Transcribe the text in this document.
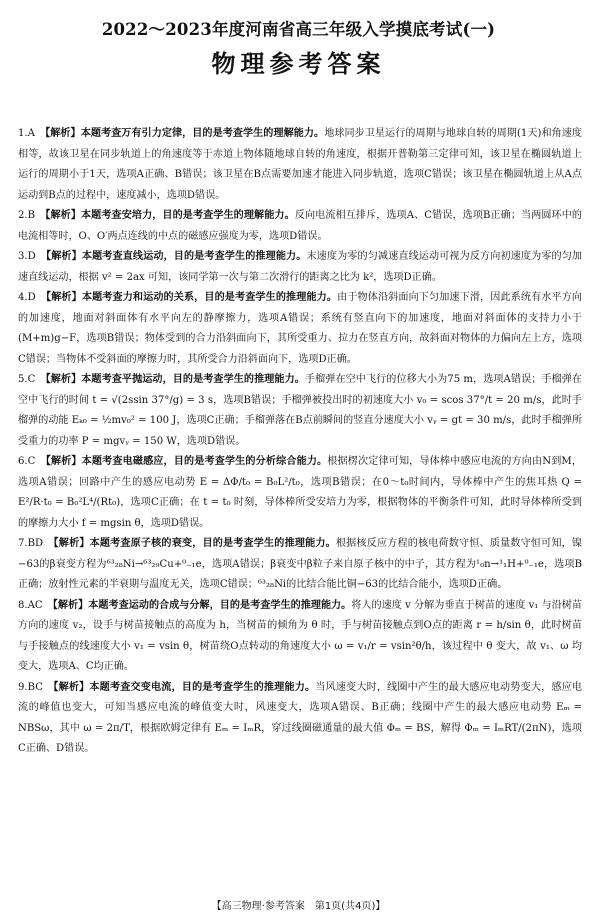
2022～2023年度河南省高三年级入学摸底考试(一)
物理参考答案

1.A　 【解析】本题考查万有引力定律，目的是考查学生的理解能力。地球同步卫星运行的周期与地球自转的周期(1天)和角速度相等，故该卫星在同步轨道上的角速度等于赤道上物体随地球自转的角速度，根据开普勒第三定律可知，该卫星在椭圆轨道上运行的周期小于1天，选项A正确、B错误；该卫星在B点需要加速才能进入同步轨道，选项C错误；该卫星在椭圆轨道上从A点运动到B点的过程中，速度减小，选项D错误。

2.B　 【解析】本题考查安培力，目的是考查学生的理解能力。反向电流相互排斥，选项A、C错误，选项B正确；当两圆环中的电流相等时，O、O′两点连线的中点的磁感应强度为零，选项D错误。

3.D　 【解析】本题考查直线运动，目的是考查学生的推理能力。末速度为零的匀减速直线运动可视为反方向初速度为零的匀加速直线运动，根据 v² = 2ax 可知，该同学第一次与第二次滑行的距离之比为 k²，选项D正确。

4.D　 【解析】本题考查力和运动的关系，目的是考查学生的推理能力。由于物体沿斜面向下匀加速下滑，因此系统有水平方向的加速度，地面对斜面体有水平向左的静摩擦力，选项A错误；系统有竖直向下的加速度，地面对斜面体的支持力小于(M+m)g−F，选项B错误；物体受到的合力沿斜面向下，其所受重力、拉力在竖直方向，故斜面对物体的力偏向左上方，选项C错误；当物体不受斜面的摩擦力时，其所受合力沿斜面向下，选项D正确。

5.C　 【解析】本题考查平抛运动，目的是考查学生的推理能力。手榴弹在空中飞行的位移大小为75 m，选项A错误；手榴弹在空中飞行的时间 t = √(2ssin 37°/g) = 3 s，选项B错误；手榴弹被投出时的初速度大小 v₀ = scos 37°/t = 20 m/s，此时手榴弹的动能 Eₖ₀ = ½mv₀² = 100 J，选项C正确；手榴弹落在B点前瞬间的竖直分速度大小 vᵧ = gt = 30 m/s，此时手榴弹所受重力的功率 P = mgvᵧ = 150 W，选项D错误。

6.C　 【解析】本题考查电磁感应，目的是考查学生的分析综合能力。根据楞次定律可知，导体棒中感应电流的方向由N到M，选项A错误；回路中产生的感应电动势 E = ΔΦ/t₀ = B₀L²/t₀，选项B错误；在0～t₀时间内，导体棒中产生的焦耳热 Q = E²/R·t₀ = B₀²L⁴/(Rt₀)，选项C正确；在 t = t₀ 时刻，导体棒所受安培力为零，根据物体的平衡条件可知，此时导体棒所受到的摩擦力大小 f = mgsin θ，选项D错误。

7.BD　 【解析】本题考查原子核的衰变，目的是考查学生的推理能力。根据核反应方程的核电荷数守恒、质量数守恒可知，镍−63的β衰变方程为⁶³₂₈Ni→⁶³₂₉Cu+⁰₋₁e，选项A错误；β衰变中β粒子来自原子核中的中子，其方程为¹₀n→¹₁H+⁰₋₁e，选项B正确；放射性元素的半衰期与温度无关，选项C错误；⁶³₂₈Ni的比结合能比铜−63的比结合能小，选项D正确。

8.AC　 【解析】本题考查运动的合成与分解，目的是考查学生的推理能力。将人的速度 v 分解为垂直于树苗的速度 v₁ 与沿树苗方向的速度 v₂，设手与树苗接触点的高度为 h，当树苗的倾角为 θ 时，手与树苗接触点到O点的距离 r = h/sin θ，此时树苗与手接触点的线速度大小 v₁ = vsin θ，树苗绕O点转动的角速度大小 ω = v₁/r = vsin²θ/h，该过程中 θ 变大，故 v₁、ω 均变大，选项A、C均正确。

9.BC　 【解析】本题考查交变电流，目的是考查学生的推理能力。当风速变大时，线圈中产生的最大感应电动势变大，感应电流的峰值也变大，可知当感应电流的峰值变大时，风速变大，选项A错误、B正确；线圈中产生的最大感应电动势 Eₘ = NBSω，其中 ω = 2π/T，根据欧姆定律有 Eₘ = IₘR，穿过线圈磁通量的最大值 Φₘ = BS，解得 Φₘ = IₘRT/(2πN)，选项C正确、D错误。

【高三物理·参考答案　第1页(共4页)】
